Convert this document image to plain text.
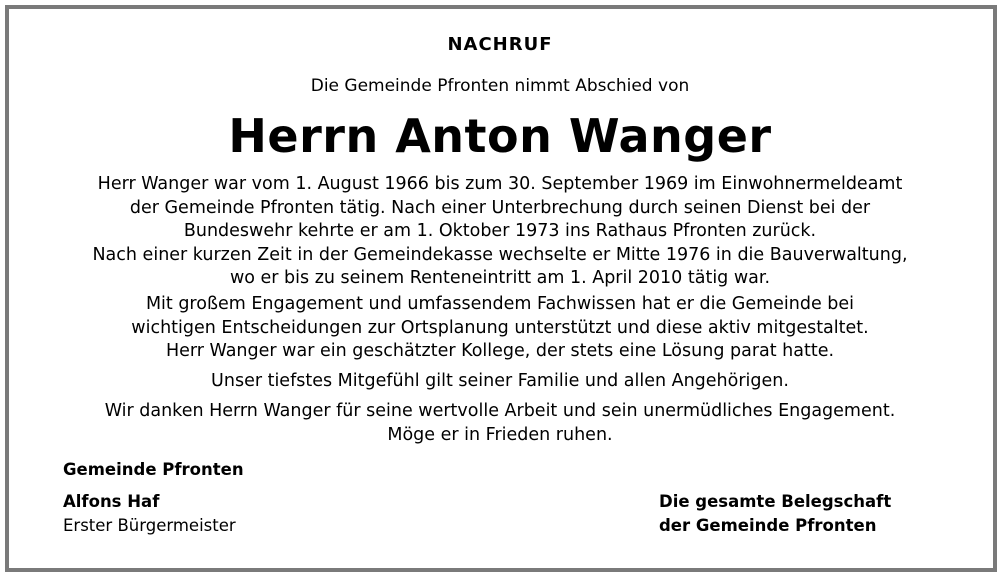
NACHRUF
Die Gemeinde Pfronten nimmt Abschied von
Herrn Anton Wanger
Herr Wanger war vom 1. August 1966 bis zum 30. September 1969 im Einwohnermeldeamt
der Gemeinde Pfronten tätig. Nach einer Unterbrechung durch seinen Dienst bei der
Bundeswehr kehrte er am 1. Oktober 1973 ins Rathaus Pfronten zurück.
Nach einer kurzen Zeit in der Gemeindekasse wechselte er Mitte 1976 in die Bauverwaltung,
wo er bis zu seinem Renteneintritt am 1. April 2010 tätig war.
Mit großem Engagement und umfassendem Fachwissen hat er die Gemeinde bei
wichtigen Entscheidungen zur Ortsplanung unterstützt und diese aktiv mitgestaltet.
Herr Wanger war ein geschätzter Kollege, der stets eine Lösung parat hatte.
Unser tiefstes Mitgefühl gilt seiner Familie und allen Angehörigen.
Wir danken Herrn Wanger für seine wertvolle Arbeit und sein unermüdliches Engagement.
Möge er in Frieden ruhen.
Gemeinde Pfronten
Alfons Haf
Erster Bürgermeister
Die gesamte Belegschaft
der Gemeinde Pfronten
